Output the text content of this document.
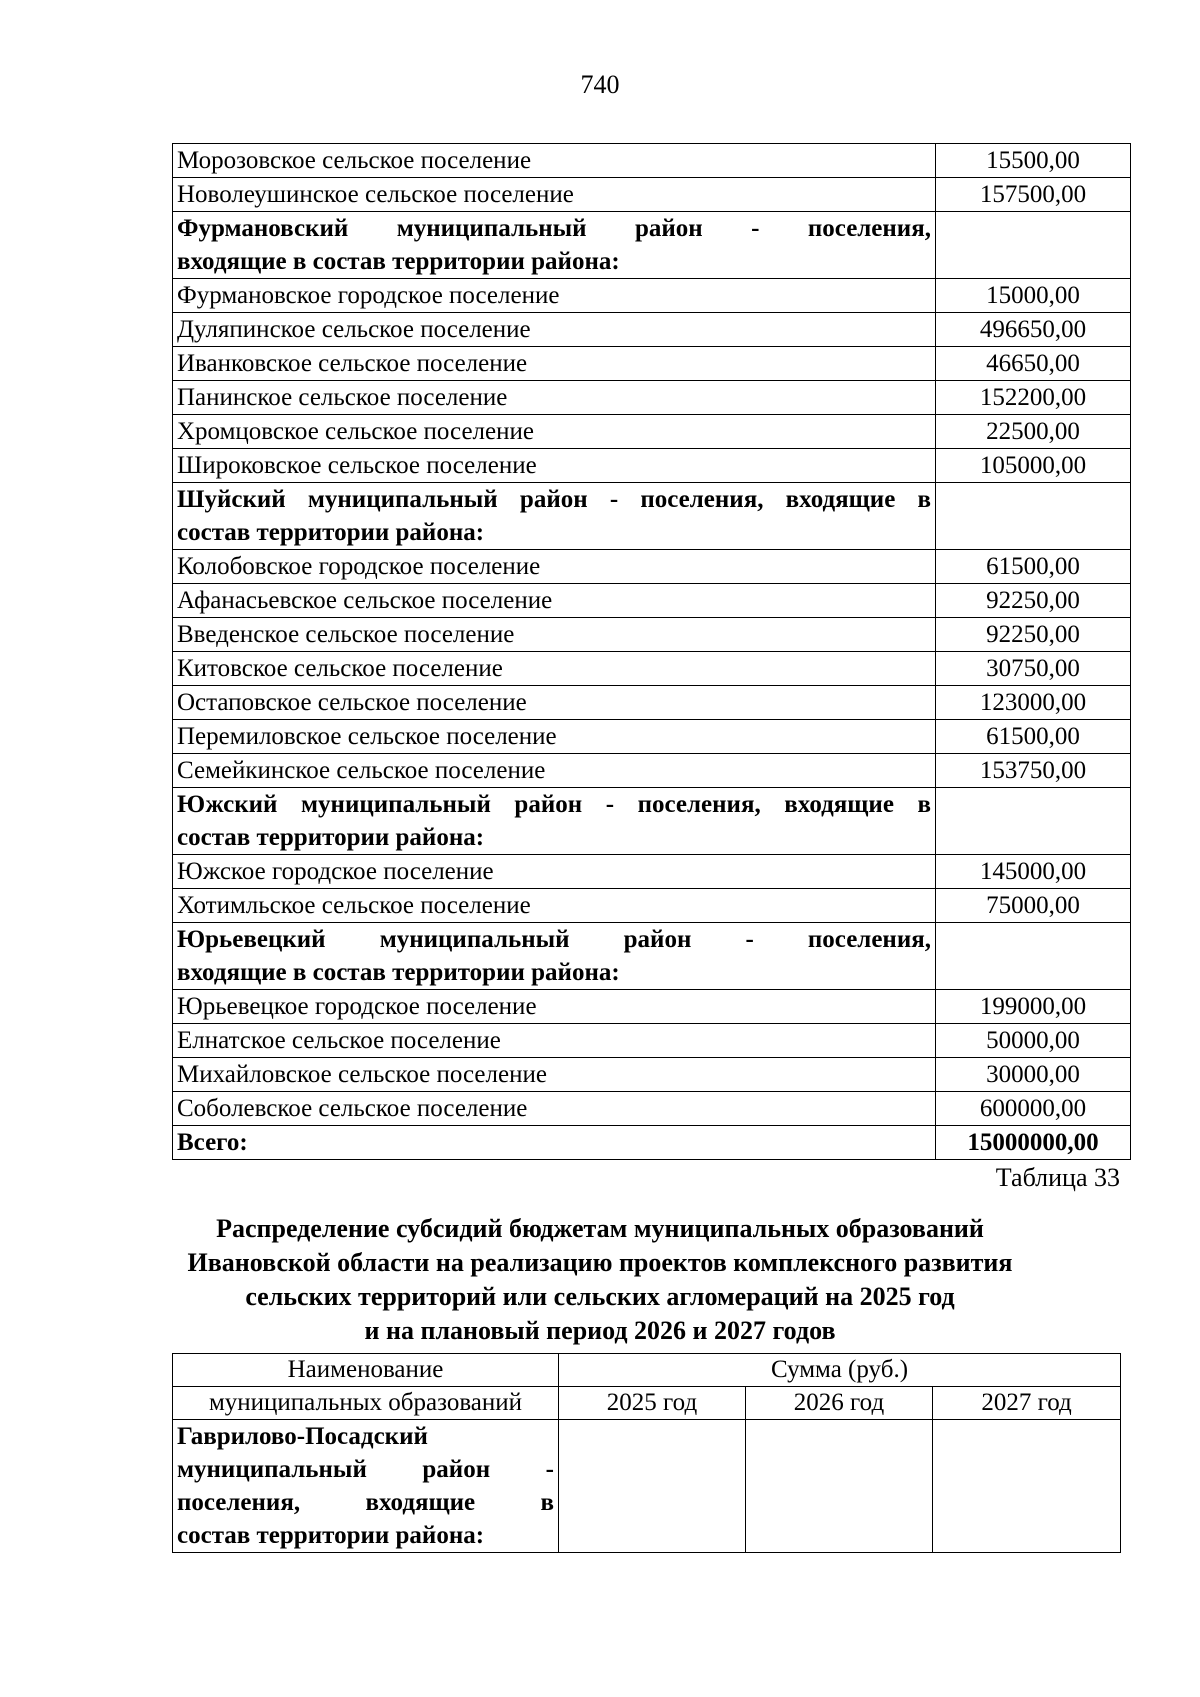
740
Морозовское сельское поселение	15500,00
Новолеушинское сельское поселение	157500,00

Фурмановский муниципальный район - поселения,
входящие в состав территории района:	

Фурмановское городское поселение	15000,00
Дуляпинское сельское поселение	496650,00
Иванковское сельское поселение	46650,00
Панинское сельское поселение	152200,00
Хромцовское сельское поселение	22500,00
Широковское сельское поселение	105000,00

Шуйский муниципальный район - поселения, входящие в
состав территории района:	

Колобовское городское поселение	61500,00
Афанасьевское сельское поселение	92250,00
Введенское сельское поселение	92250,00
Китовское сельское поселение	30750,00
Остаповское сельское поселение	123000,00
Перемиловское сельское поселение	61500,00
Семейкинское сельское поселение	153750,00

Южский муниципальный район - поселения, входящие в
состав территории района:	

Южское городское поселение	145000,00
Хотимльское сельское поселение	75000,00

Юрьевецкий муниципальный район - поселения,
входящие в состав территории района:	

Юрьевецкое городское поселение	199000,00
Елнатское сельское поселение	50000,00
Михайловское сельское поселение	30000,00
Соболевское сельское поселение	600000,00
Всего:	15000000,00
Таблица 33
Распределение субсидий бюджетам муниципальных образований
Ивановской области на реализацию проектов комплексного развития
сельских территорий или сельских агломераций на 2025 год
и на плановый период 2026 и 2027 годов
Наименование	Сумма (руб.)		
муниципальных образований	2025 год	2026 год	2027 год

Гаврилово-Посадский
муниципальный район -
поселения, входящие в
состав территории района:			
